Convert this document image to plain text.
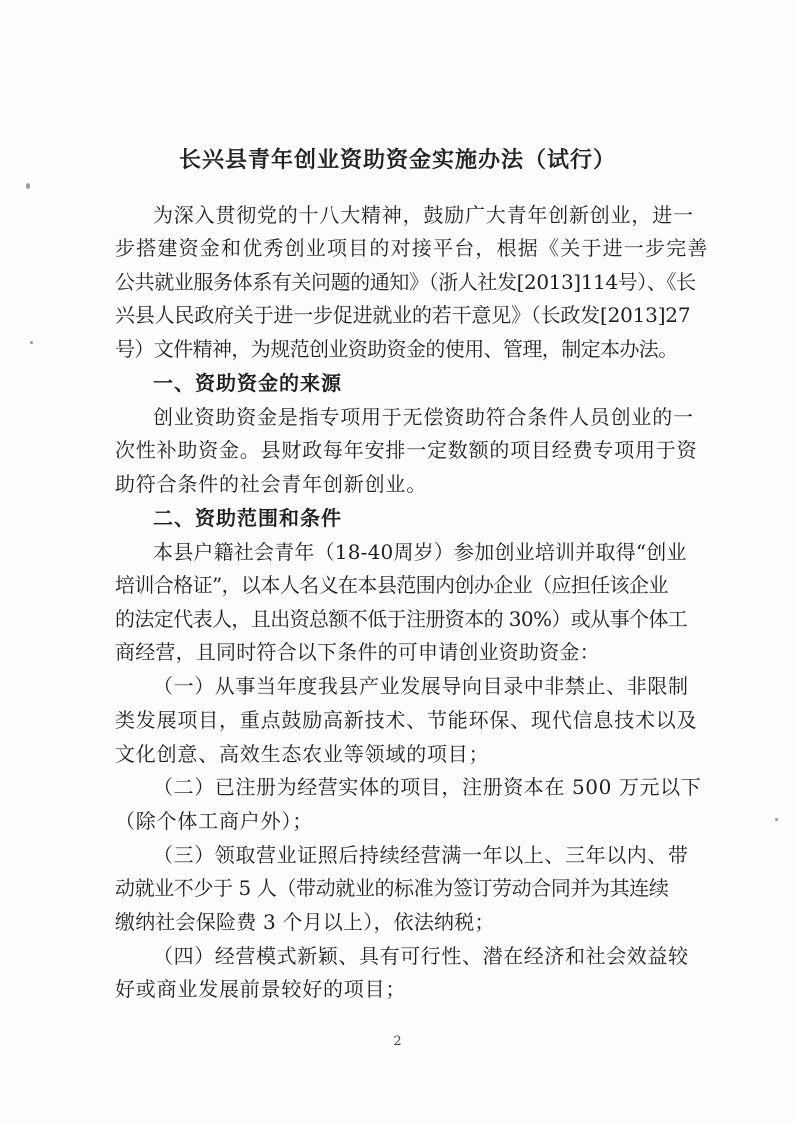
长兴县青年创业资助资金实施办法（试行）
为深入贯彻党的十八大精神，鼓励广大青年创新创业，进一
步搭建资金和优秀创业项目的对接平台，根据《关于进一步完善
公共就业服务体系有关问题的通知》（浙人社发[2013]114号）、《长
兴县人民政府关于进一步促进就业的若干意见》（长政发[2013]27
号）文件精神，为规范创业资助资金的使用、管理，制定本办法。
一、资助资金的来源
创业资助资金是指专项用于无偿资助符合条件人员创业的一
次性补助资金。县财政每年安排一定数额的项目经费专项用于资
助符合条件的社会青年创新创业。
二、资助范围和条件
本县户籍社会青年（18-40周岁）参加创业培训并取得“创业
培训合格证”，以本人名义在本县范围内创办企业（应担任该企业
的法定代表人，且出资总额不低于注册资本的 30%）或从事个体工
商经营，且同时符合以下条件的可申请创业资助资金：
（一）从事当年度我县产业发展导向目录中非禁止、非限制
类发展项目，重点鼓励高新技术、节能环保、现代信息技术以及
文化创意、高效生态农业等领域的项目；
（二）已注册为经营实体的项目，注册资本在 500 万元以下
（除个体工商户外）；
（三）领取营业证照后持续经营满一年以上、三年以内、带
动就业不少于 5 人（带动就业的标准为签订劳动合同并为其连续
缴纳社会保险费 3 个月以上），依法纳税；
（四）经营模式新颖、具有可行性、潜在经济和社会效益较
好或商业发展前景较好的项目；
2
